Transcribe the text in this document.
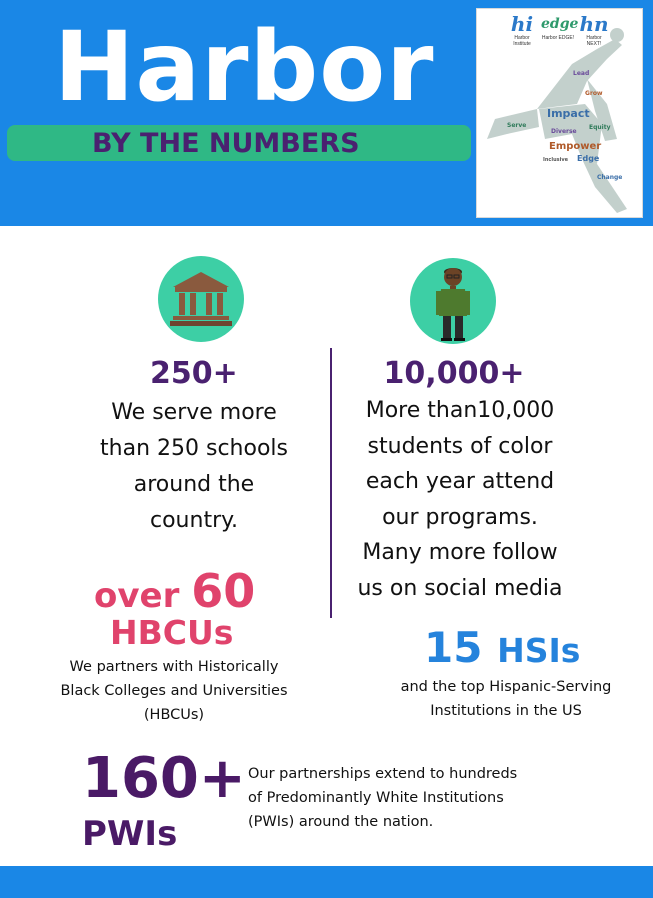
Harbor
BY THE NUMBERS
hi
Harbor Institute
edge
Harbor EDGE!
hn
Harbor NEXT!
Impact
Empower
Equity
Inclusive Edge
Lead
Serve
Grow
Diverse
Change
250+
We serve more
than 250 schools
around the
country.
10,000+
More than10,000
students of color
each year attend
our programs.
Many more follow
us on social media
over 60
HBCUs
We partners with Historically
Black Colleges and Universities
(HBCUs)
15 HSIs
and the top Hispanic-Serving
Institutions in the US
160+
PWIs
Our partnerships extend to hundreds
of Predominantly White Institutions
(PWIs) around the nation.
